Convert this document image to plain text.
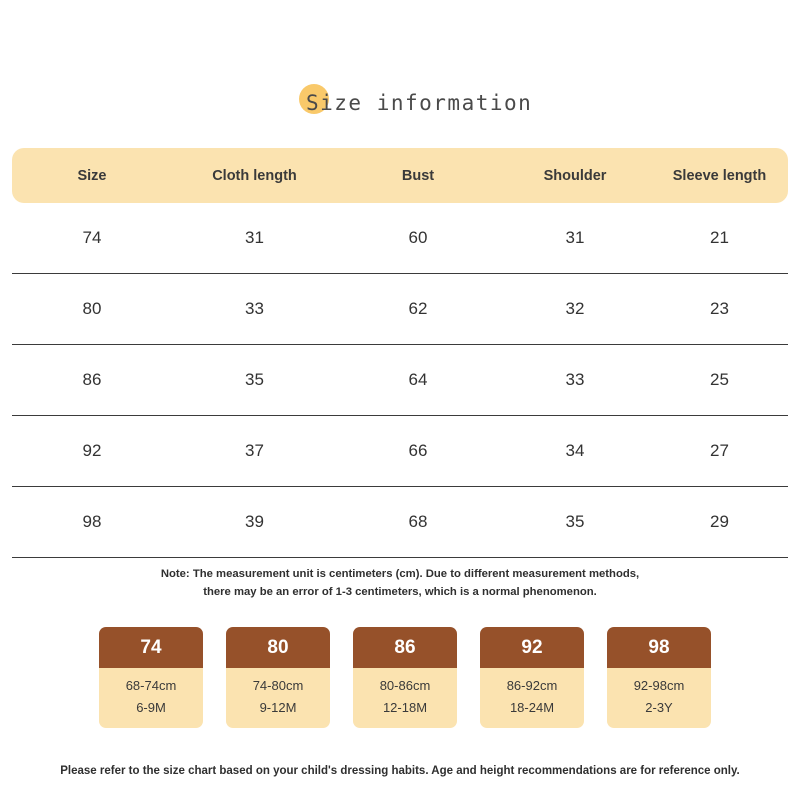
Size information
Size	Cloth length	Bust	Shoulder	Sleeve length
74	31	60	31	21
80	33	62	32	23
86	35	64	33	25
92	37	66	34	27
98	39	68	35	29
Note: The measurement unit is centimeters (cm). Due to different measurement methods,
there may be an error of 1-3 centimeters, which is a normal phenomenon.
74
68-74cm
6-9M
80
74-80cm
9-12M
86
80-86cm
12-18M
92
86-92cm
18-24M
98
92-98cm
2-3Y
Please refer to the size chart based on your child's dressing habits. Age and height recommendations are for reference only.
